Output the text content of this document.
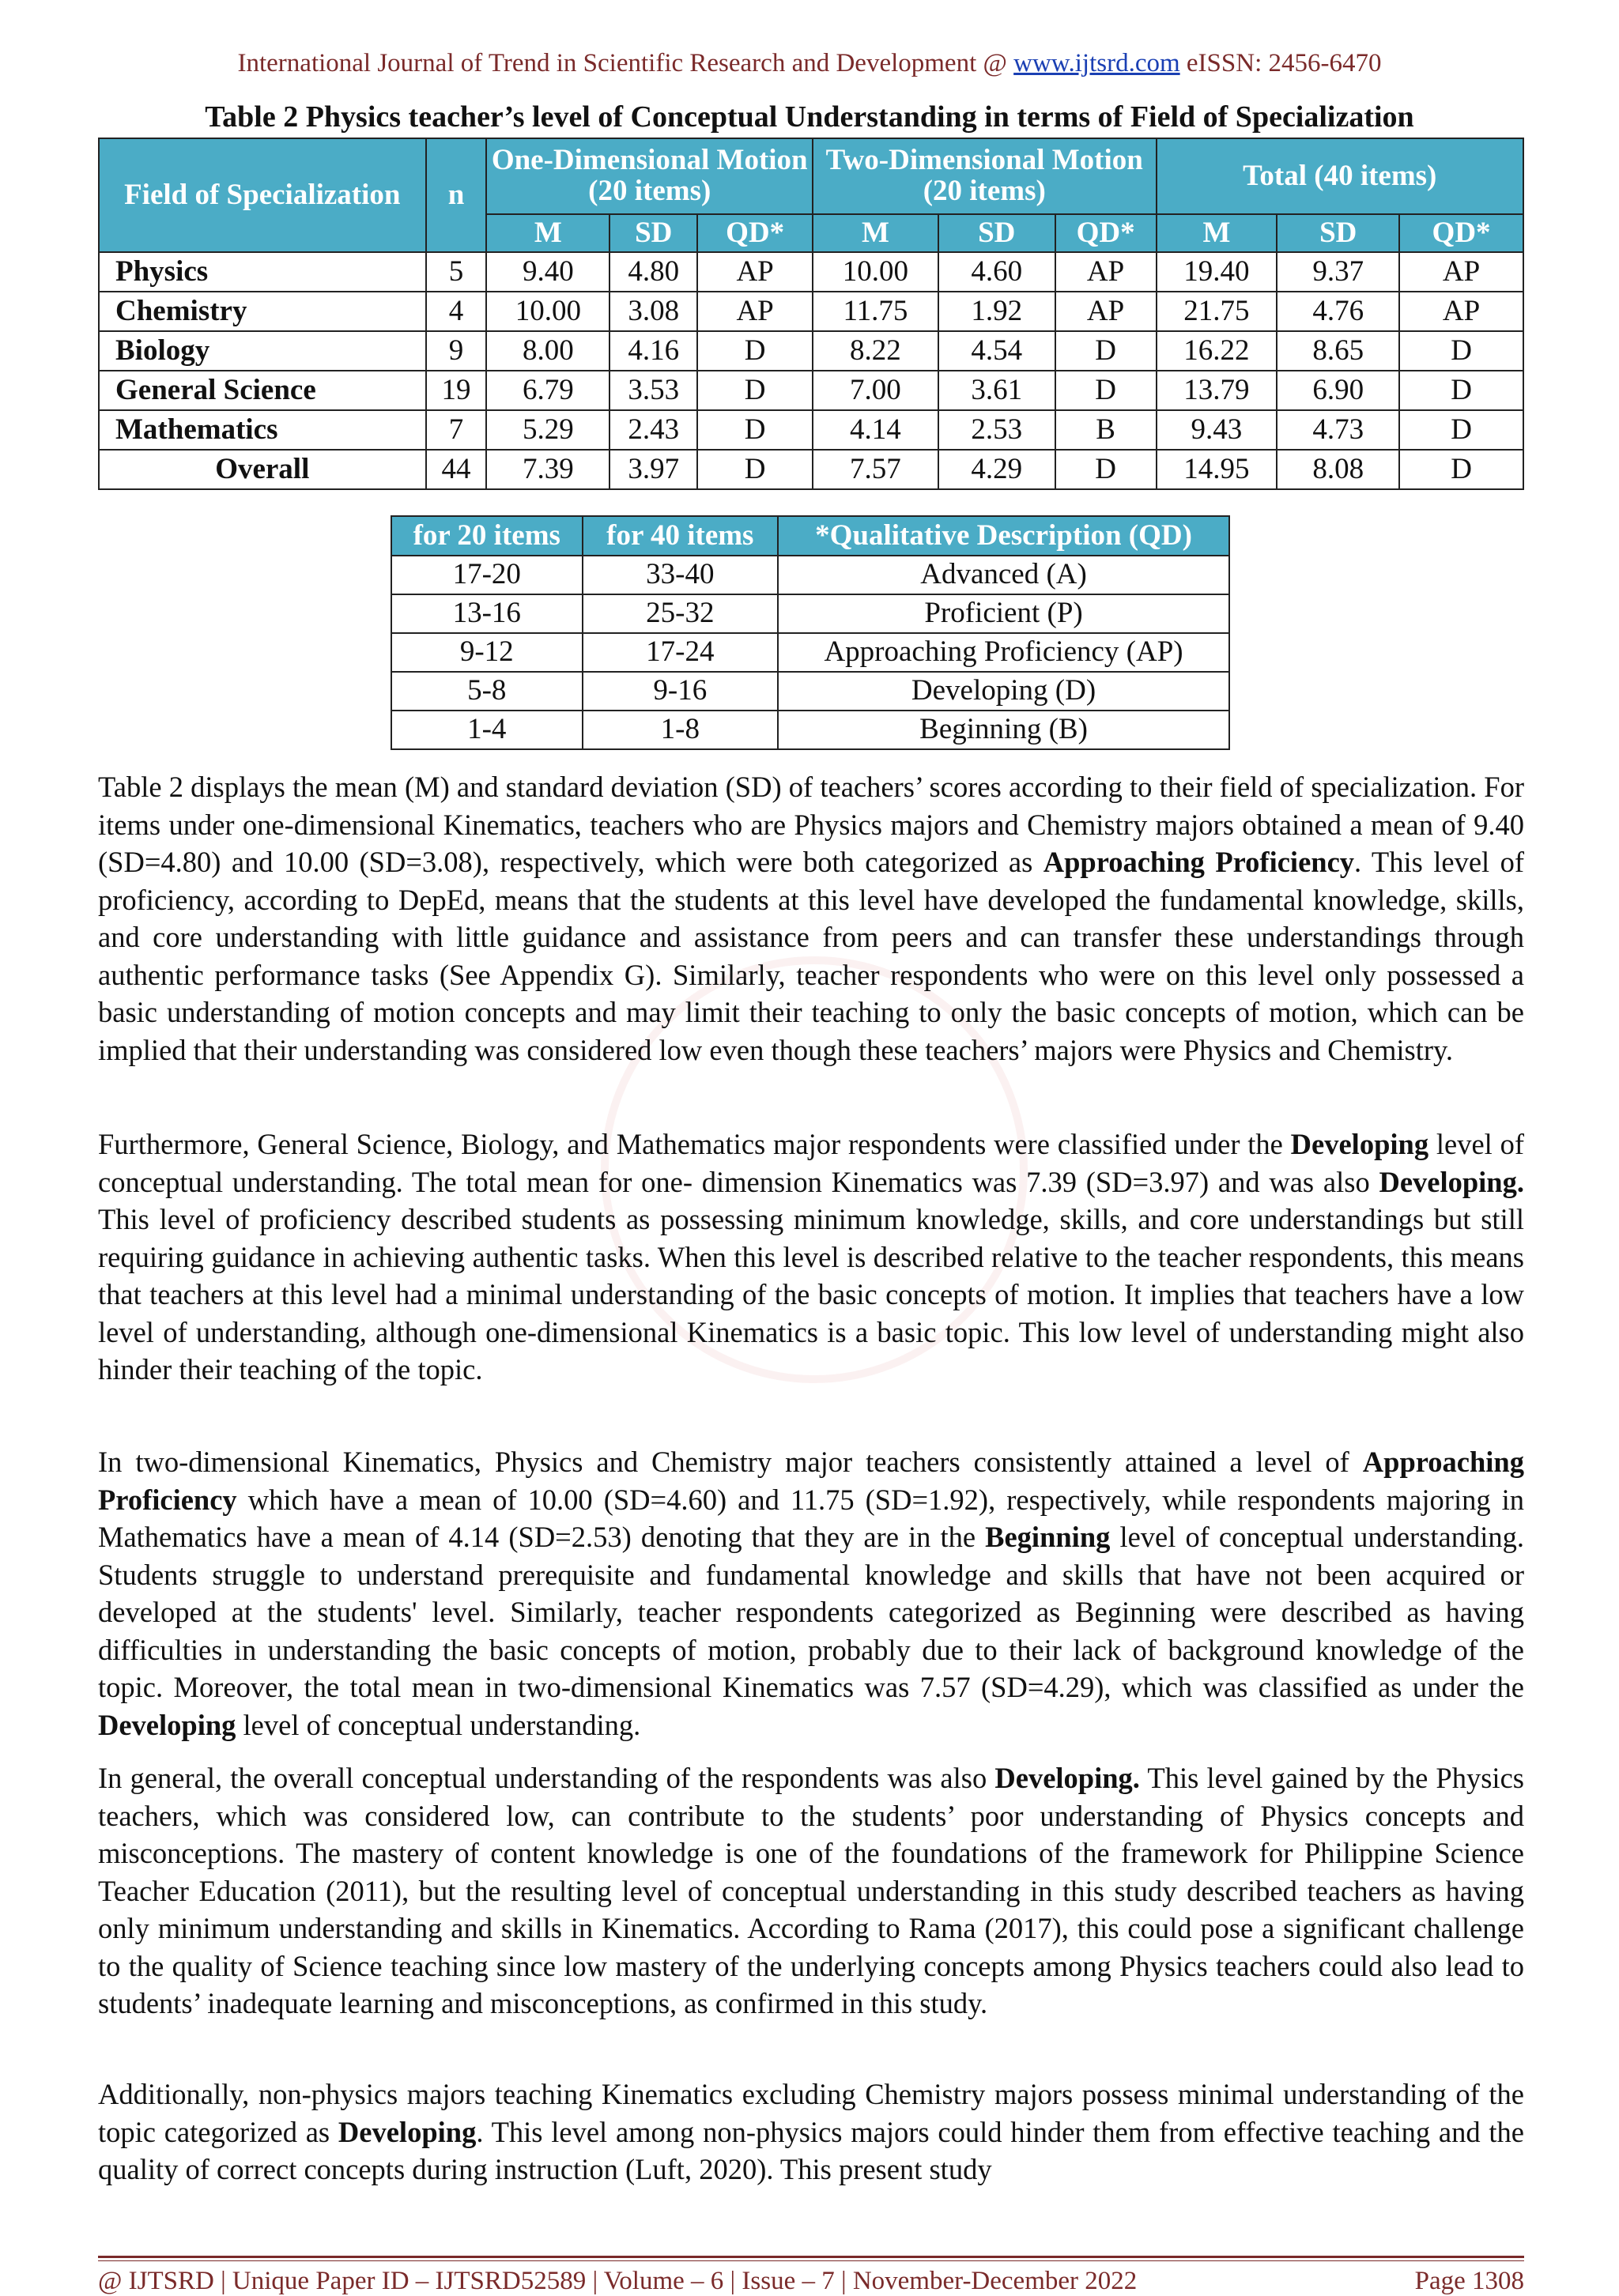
International Journal of Trend in Scientific Research and Development @ www.ijtsrd.com eISSN: 2456-6470
Table 2 Physics teacher’s level of Conceptual Understanding in terms of Field of Specialization
Field of Specialization	n	One-Dimensional Motion (20 items)			Two-Dimensional Motion (20 items)			Total (40 items)		
		M	SD	QD*	M	SD	QD*	M	SD	QD*
Physics	5	9.40	4.80	AP	10.00	4.60	AP	19.40	9.37	AP
Chemistry	4	10.00	3.08	AP	11.75	1.92	AP	21.75	4.76	AP
Biology	9	8.00	4.16	D	8.22	4.54	D	16.22	8.65	D
General Science	19	6.79	3.53	D	7.00	3.61	D	13.79	6.90	D
Mathematics	7	5.29	2.43	D	4.14	2.53	B	9.43	4.73	D
Overall	44	7.39	3.97	D	7.57	4.29	D	14.95	8.08	D
for 20 items	for 40 items	*Qualitative Description (QD)
17-20	33-40	Advanced (A)
13-16	25-32	Proficient (P)
9-12	17-24	Approaching Proficiency (AP)
5-8	9-16	Developing (D)
1-4	1-8	Beginning (B)

Table 2 displays the mean (M) and standard deviation (SD) of teachers’ scores according to their field of specialization. For items under one-dimensional Kinematics, teachers who are Physics majors and Chemistry majors obtained a mean of 9.40 (SD=4.80) and 10.00 (SD=3.08), respectively, which were both categorized as Approaching Proficiency. This level of proficiency, according to DepEd, means that the students at this level have developed the fundamental knowledge, skills, and core understanding with little guidance and assistance from peers and can transfer these understandings through authentic performance tasks (See Appendix G). Similarly, teacher respondents who were on this level only possessed a basic understanding of motion concepts and may limit their teaching to only the basic concepts of motion, which can be implied that their understanding was considered low even though these teachers’ majors were Physics and Chemistry.

Furthermore, General Science, Biology, and Mathematics major respondents were classified under the Developing level of conceptual understanding. The total mean for one- dimension Kinematics was 7.39 (SD=3.97) and was also Developing. This level of proficiency described students as possessing minimum knowledge, skills, and core understandings but still requiring guidance in achieving authentic tasks. When this level is described relative to the teacher respondents, this means that teachers at this level had a minimal understanding of the basic concepts of motion. It implies that teachers have a low level of understanding, although one-dimensional Kinematics is a basic topic. This low level of understanding might also hinder their teaching of the topic.

In two-dimensional Kinematics, Physics and Chemistry major teachers consistently attained a level of Approaching Proficiency which have a mean of 10.00 (SD=4.60) and 11.75 (SD=1.92), respectively, while respondents majoring in Mathematics have a mean of 4.14 (SD=2.53) denoting that they are in the Beginning level of conceptual understanding. Students struggle to understand prerequisite and fundamental knowledge and skills that have not been acquired or developed at the students' level. Similarly, teacher respondents categorized as Beginning were described as having difficulties in understanding the basic concepts of motion, probably due to their lack of background knowledge of the topic. Moreover, the total mean in two-dimensional Kinematics was 7.57 (SD=4.29), which was classified as under the Developing level of conceptual understanding.

In general, the overall conceptual understanding of the respondents was also Developing. This level gained by the Physics teachers, which was considered low, can contribute to the students’ poor understanding of Physics concepts and misconceptions. The mastery of content knowledge is one of the foundations of the framework for Philippine Science Teacher Education (2011), but the resulting level of conceptual understanding in this study described teachers as having only minimum understanding and skills in Kinematics. According to Rama (2017), this could pose a significant challenge to the quality of Science teaching since low mastery of the underlying concepts among Physics teachers could also lead to students’ inadequate learning and misconceptions, as confirmed in this study.

Additionally, non-physics majors teaching Kinematics excluding Chemistry majors possess minimal understanding of the topic categorized as Developing. This level among non-physics majors could hinder them from effective teaching and the quality of correct concepts during instruction (Luft, 2020). This present study

@ IJTSRD | Unique Paper ID – IJTSRD52589 | Volume – 6 | Issue – 7 | November-December 2022	Page 1308
